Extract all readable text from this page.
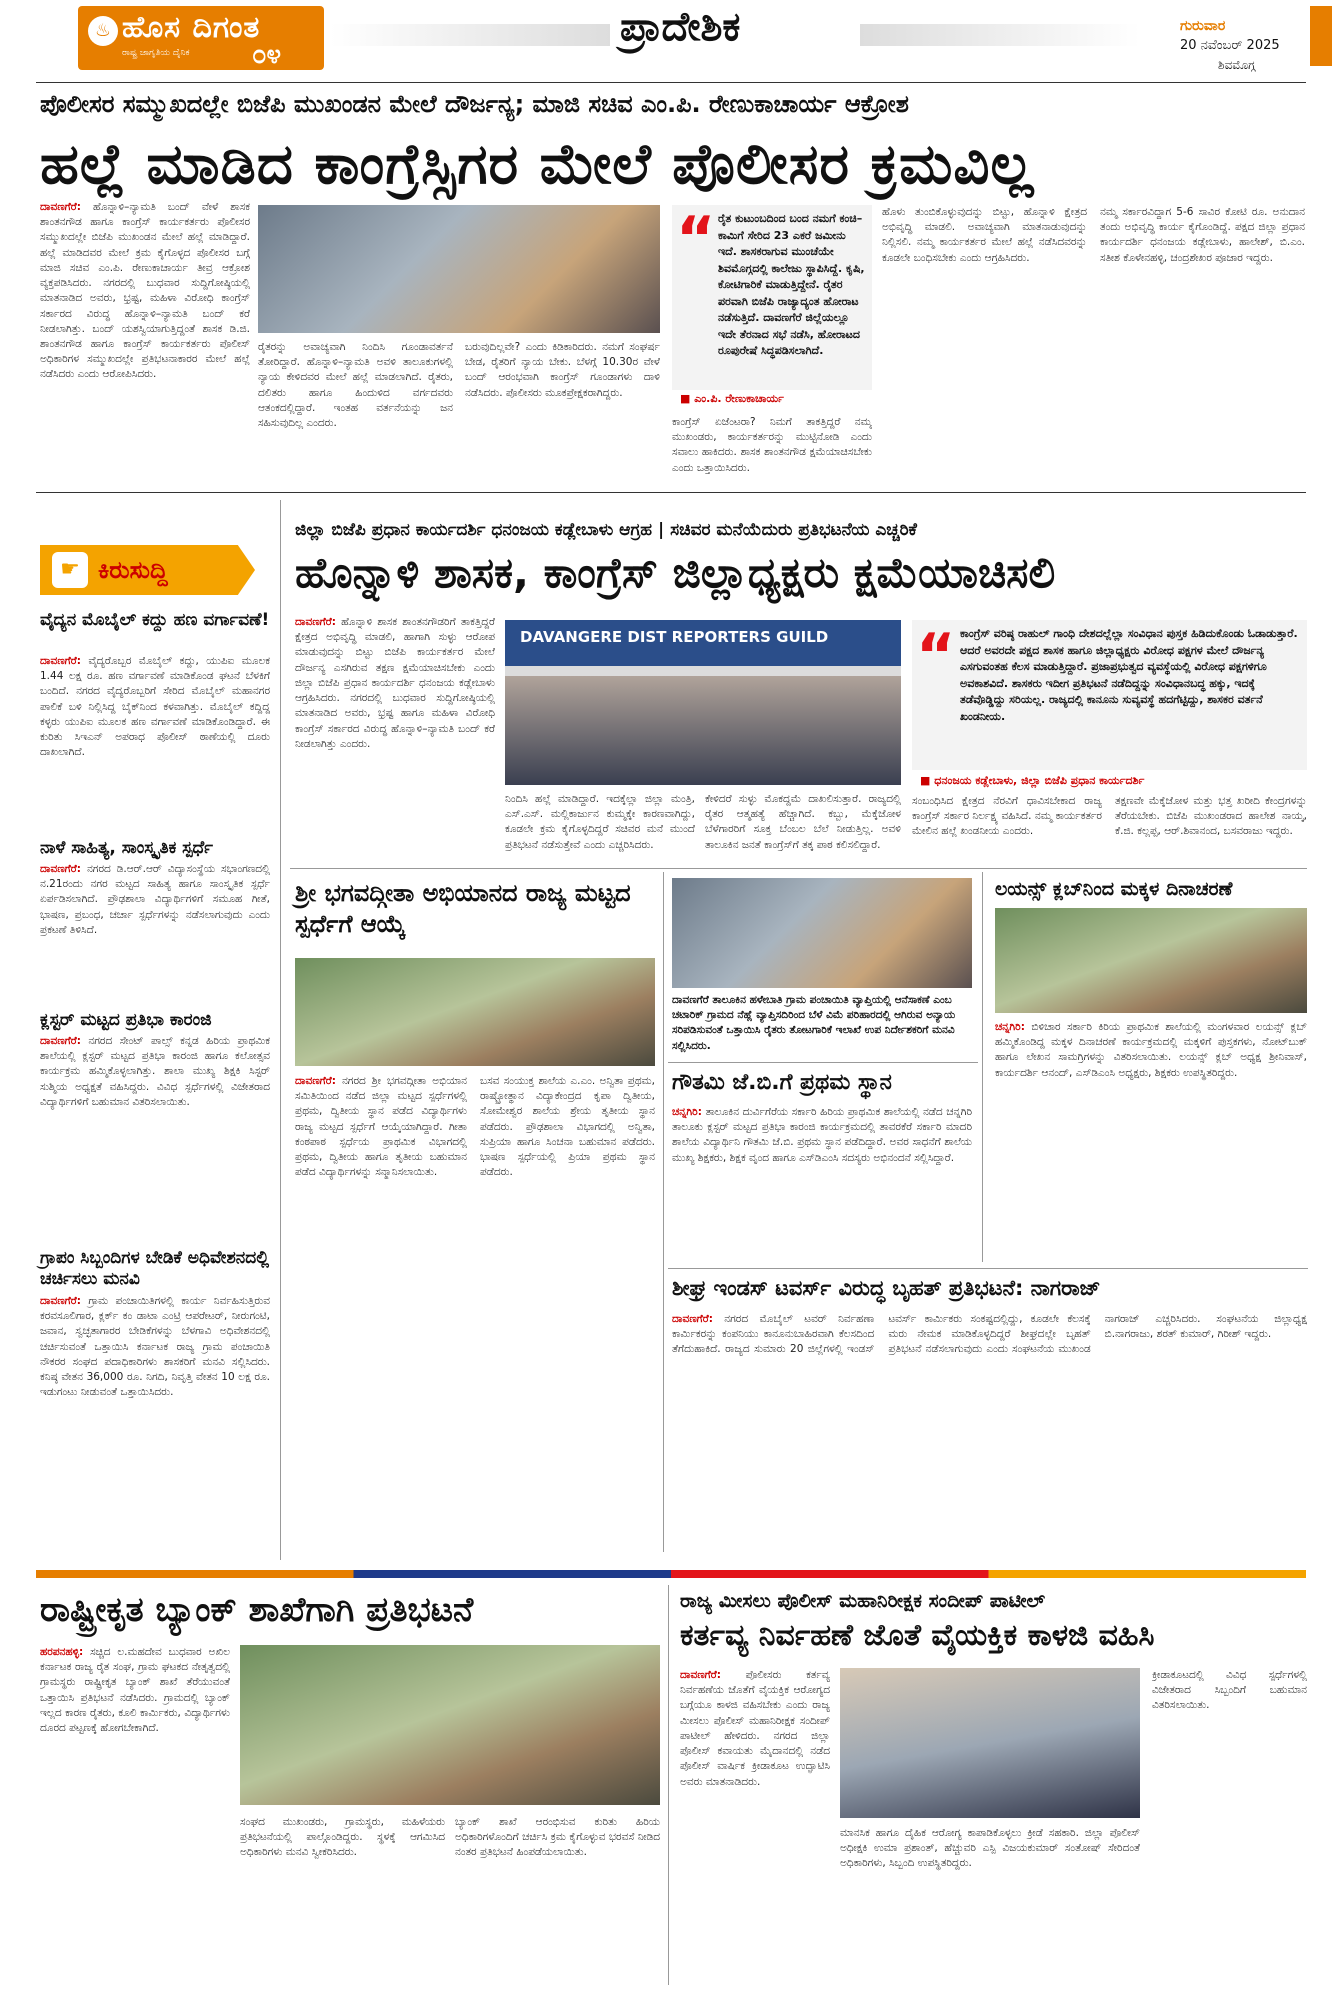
♨ ಹೊಸ ದಿಗಂತ
ರಾಷ್ಟ್ರ ಜಾಗೃತಿಯ ದೈನಿಕ ೦೪
ಪ್ರಾದೇಶಿಕ	ಗುರುವಾರ
20 ನವೆಂಬರ್ 2025
ಶಿವಮೊಗ್ಗ
ಪೊಲೀಸರ ಸಮ್ಮುಖದಲ್ಲೇ ಬಿಜೆಪಿ ಮುಖಂಡನ ಮೇಲೆ ದೌರ್ಜನ್ಯ; ಮಾಜಿ ಸಚಿವ ಎಂ.ಪಿ. ರೇಣುಕಾಚಾರ್ಯ ಆಕ್ರೋಶ
ಹಲ್ಲೆ ಮಾಡಿದ ಕಾಂಗ್ರೆಸ್ಸಿಗರ ಮೇಲೆ ಪೊಲೀಸರ ಕ್ರಮವಿಲ್ಲ
ದಾವಣಗೆರೆ: ಹೊನ್ನಾಳಿ–ನ್ಯಾಮತಿ ಬಂದ್ ವೇಳೆ ಶಾಸಕ ಶಾಂತನಗೌಡ ಹಾಗೂ ಕಾಂಗ್ರೆಸ್ ಕಾರ್ಯಕರ್ತರು ಪೊಲೀಸರ ಸಮ್ಮುಖದಲ್ಲೇ ಬಿಜೆಪಿ ಮುಖಂಡನ ಮೇಲೆ ಹಲ್ಲೆ ಮಾಡಿದ್ದಾರೆ. ಹಲ್ಲೆ ಮಾಡಿದವರ ಮೇಲೆ ಕ್ರಮ ಕೈಗೊಳ್ಳದ ಪೊಲೀಸರ ಬಗ್ಗೆ ಮಾಜಿ ಸಚಿವ ಎಂ.ಪಿ. ರೇಣುಕಾಚಾರ್ಯ ತೀವ್ರ ಆಕ್ರೋಶ ವ್ಯಕ್ತಪಡಿಸಿದರು. ನಗರದಲ್ಲಿ ಬುಧವಾರ ಸುದ್ದಿಗೋಷ್ಠಿಯಲ್ಲಿ ಮಾತನಾಡಿದ ಅವರು, ಭ್ರಷ್ಟ, ಮಹಿಳಾ ವಿರೋಧಿ ಕಾಂಗ್ರೆಸ್ ಸರ್ಕಾರದ ವಿರುದ್ಧ ಹೊನ್ನಾಳಿ–ನ್ಯಾಮತಿ ಬಂದ್ ಕರೆ ನೀಡಲಾಗಿತ್ತು. ಬಂದ್ ಯಶಸ್ವಿಯಾಗುತ್ತಿದ್ದಂತೆ ಶಾಸಕ ಡಿ.ಜಿ. ಶಾಂತನಗೌಡ ಹಾಗೂ ಕಾಂಗ್ರೆಸ್ ಕಾರ್ಯಕರ್ತರು ಪೊಲೀಸ್ ಅಧಿಕಾರಿಗಳ ಸಮ್ಮುಖದಲ್ಲೇ ಪ್ರತಿಭಟನಾಕಾರರ ಮೇಲೆ ಹಲ್ಲೆ ನಡೆಸಿದರು ಎಂದು ಆರೋಪಿಸಿದರು.
ರೈತರನ್ನು ಅವಾಚ್ಯವಾಗಿ ನಿಂದಿಸಿ ಗೂಂಡಾವರ್ತನೆ ತೋರಿದ್ದಾರೆ. ಹೊನ್ನಾಳಿ–ನ್ಯಾಮತಿ ಅವಳಿ ತಾಲೂಕುಗಳಲ್ಲಿ ನ್ಯಾಯ ಕೇಳಿದವರ ಮೇಲೆ ಹಲ್ಲೆ ಮಾಡಲಾಗಿದೆ. ರೈತರು, ದಲಿತರು ಹಾಗೂ ಹಿಂದುಳಿದ ವರ್ಗದವರು ಆತಂಕದಲ್ಲಿದ್ದಾರೆ. ಇಂತಹ ವರ್ತನೆಯನ್ನು ಜನ ಸಹಿಸುವುದಿಲ್ಲ ಎಂದರು.
ಬರುವುದಿಲ್ಲವೇ? ಎಂದು ಕಿಡಿಕಾರಿದರು. ನಮಗೆ ಸಂಘರ್ಷ ಬೇಡ, ರೈತರಿಗೆ ನ್ಯಾಯ ಬೇಕು. ಬೆಳಗ್ಗೆ 10.30ರ ವೇಳೆ ಬಂದ್ ಆರಂಭವಾಗಿ ಕಾಂಗ್ರೆಸ್ ಗೂಂಡಾಗಳು ದಾಳಿ ನಡೆಸಿದರು. ಪೊಲೀಸರು ಮೂಕಪ್ರೇಕ್ಷಕರಾಗಿದ್ದರು.
“ ರೈತ ಕುಟುಂಬದಿಂದ ಬಂದ ನಮಗೆ ಕಂಚಿ–ಕಾಮಿಗೆ ಸೇರಿದ 23 ಎಕರೆ ಜಮೀನು ಇದೆ. ಶಾಸಕರಾಗುವ ಮುಂಚೆಯೇ ಶಿವಮೊಗ್ಗದಲ್ಲಿ ಕಾಲೇಜು ಸ್ಥಾಪಿಸಿದ್ದೆ. ಕೃಷಿ, ಕೋಟಿಗಾರಿಕೆ ಮಾಡುತ್ತಿದ್ದೇನೆ. ರೈತರ ಪರವಾಗಿ ಬಿಜೆಪಿ ರಾಜ್ಯಾದ್ಯಂತ ಹೋರಾಟ ನಡೆಸುತ್ತಿದೆ. ದಾವಣಗೆರೆ ಜಿಲ್ಲೆಯಲ್ಲೂ ಇದೇ ತೆರನಾದ ಸಭೆ ನಡೆಸಿ, ಹೋರಾಟದ ರೂಪುರೇಷೆ ಸಿದ್ಧಪಡಿಸಲಾಗಿದೆ.
■ ಎಂ.ಪಿ. ರೇಣುಕಾಚಾರ್ಯ
ಕಾಂಗ್ರೆಸ್ ಏಜೆಂಟರಾ? ನಿಮಗೆ ತಾಕತ್ತಿದ್ದರೆ ನಮ್ಮ ಮುಖಂಡರು, ಕಾರ್ಯಕರ್ತರನ್ನು ಮುಟ್ಟಿನೋಡಿ ಎಂದು ಸವಾಲು ಹಾಕಿದರು. ಶಾಸಕ ಶಾಂತನಗೌಡ ಕ್ಷಮೆಯಾಚಿಸಬೇಕು ಎಂದು ಒತ್ತಾಯಿಸಿದರು.
ಹೊಳು ತುಂಬಿಕೊಳ್ಳುವುದನ್ನು ಬಿಟ್ಟು, ಹೊನ್ನಾಳಿ ಕ್ಷೇತ್ರದ ಅಭಿವೃದ್ಧಿ ಮಾಡಲಿ. ಅವಾಚ್ಯವಾಗಿ ಮಾತನಾಡುವುದನ್ನು ನಿಲ್ಲಿಸಲಿ. ನಮ್ಮ ಕಾರ್ಯಕರ್ತರ ಮೇಲೆ ಹಲ್ಲೆ ನಡೆಸಿದವರನ್ನು ಕೂಡಲೇ ಬಂಧಿಸಬೇಕು ಎಂದು ಆಗ್ರಹಿಸಿದರು.
ನಮ್ಮ ಸರ್ಕಾರವಿದ್ದಾಗ 5-6 ಸಾವಿರ ಕೋಟಿ ರೂ. ಅನುದಾನ ತಂದು ಅಭಿವೃದ್ಧಿ ಕಾರ್ಯ ಕೈಗೊಂಡಿದ್ದೆ. ಪಕ್ಷದ ಜಿಲ್ಲಾ ಪ್ರಧಾನ ಕಾರ್ಯದರ್ಶಿ ಧನಂಜಯ ಕಡ್ಲೇಬಾಳು, ಹಾಲೇಶ್, ಬಿ.ಎಂ. ಸತೀಶ ಕೊಳೇನಹಳ್ಳಿ, ಚಂದ್ರಶೇಖರ ಪೂಜಾರ ಇದ್ದರು.
☛ ಕಿರುಸುದ್ದಿ
ವೈದ್ಯನ ಮೊಬೈಲ್ ಕದ್ದು ಹಣ ವರ್ಗಾವಣೆ!
ದಾವಣಗೆರೆ: ವೈದ್ಯರೊಬ್ಬರ ಮೊಬೈಲ್ ಕದ್ದು, ಯುಪಿಐ ಮೂಲಕ 1.44 ಲಕ್ಷ ರೂ. ಹಣ ವರ್ಗಾವಣೆ ಮಾಡಿಕೊಂಡ ಘಟನೆ ಬೆಳಕಿಗೆ ಬಂದಿದೆ. ನಗರದ ವೈದ್ಯರೊಬ್ಬರಿಗೆ ಸೇರಿದ ಮೊಬೈಲ್ ಮಹಾನಗರ ಪಾಲಿಕೆ ಬಳಿ ನಿಲ್ಲಿಸಿದ್ದ ಬೈಕ್‌ನಿಂದ ಕಳವಾಗಿತ್ತು. ಮೊಬೈಲ್ ಕದ್ದಿದ್ದ ಕಳ್ಳರು ಯುಪಿಐ ಮೂಲಕ ಹಣ ವರ್ಗಾವಣೆ ಮಾಡಿಕೊಂಡಿದ್ದಾರೆ. ಈ ಕುರಿತು ಸಿಇಎನ್ ಅಪರಾಧ ಪೊಲೀಸ್ ಠಾಣೆಯಲ್ಲಿ ದೂರು ದಾಖಲಾಗಿದೆ.
ನಾಳೆ ಸಾಹಿತ್ಯ, ಸಾಂಸ್ಕೃತಿಕ ಸ್ಪರ್ಧೆ
ದಾವಣಗೆರೆ: ನಗರದ ಡಿ.ಆರ್.ಆರ್ ವಿದ್ಯಾಸಂಸ್ಥೆಯ ಸಭಾಂಗಣದಲ್ಲಿ ನ.21ರಂದು ನಗರ ಮಟ್ಟದ ಸಾಹಿತ್ಯ ಹಾಗೂ ಸಾಂಸ್ಕೃತಿಕ ಸ್ಪರ್ಧೆ ಏರ್ಪಡಿಸಲಾಗಿದೆ. ಪ್ರೌಢಶಾಲಾ ವಿದ್ಯಾರ್ಥಿಗಳಿಗೆ ಸಮೂಹ ಗೀತೆ, ಭಾಷಣ, ಪ್ರಬಂಧ, ಚರ್ಚಾ ಸ್ಪರ್ಧೆಗಳನ್ನು ನಡೆಸಲಾಗುವುದು ಎಂದು ಪ್ರಕಟಣೆ ತಿಳಿಸಿದೆ.
ಕ್ಲಸ್ಟರ್ ಮಟ್ಟದ ಪ್ರತಿಭಾ ಕಾರಂಜಿ
ದಾವಣಗೆರೆ: ನಗರದ ಸೇಂಟ್ ಪಾಲ್ಸ್ ಕನ್ನಡ ಹಿರಿಯ ಪ್ರಾಥಮಿಕ ಶಾಲೆಯಲ್ಲಿ ಕ್ಲಸ್ಟರ್ ಮಟ್ಟದ ಪ್ರತಿಭಾ ಕಾರಂಜಿ ಹಾಗೂ ಕಲೋತ್ಸವ ಕಾರ್ಯಕ್ರಮ ಹಮ್ಮಿಕೊಳ್ಳಲಾಗಿತ್ತು. ಶಾಲಾ ಮುಖ್ಯ ಶಿಕ್ಷಕಿ ಸಿಸ್ಟರ್ ಸುಶ್ಮಿಯ ಅಧ್ಯಕ್ಷತೆ ವಹಿಸಿದ್ದರು. ವಿವಿಧ ಸ್ಪರ್ಧೆಗಳಲ್ಲಿ ವಿಜೇತರಾದ ವಿದ್ಯಾರ್ಥಿಗಳಿಗೆ ಬಹುಮಾನ ವಿತರಿಸಲಾಯಿತು.
ಗ್ರಾಪಂ ಸಿಬ್ಬಂದಿಗಳ ಬೇಡಿಕೆ ಅಧಿವೇಶನದಲ್ಲಿ ಚರ್ಚಿಸಲು ಮನವಿ
ದಾವಣಗೆರೆ: ಗ್ರಾಮ ಪಂಚಾಯಿತಿಗಳಲ್ಲಿ ಕಾರ್ಯ ನಿರ್ವಹಿಸುತ್ತಿರುವ ಕರವಸೂಲಿಗಾರ, ಕ್ಲರ್ಕ್ ಕಂ ಡಾಟಾ ಎಂಟ್ರಿ ಆಪರೇಟರ್, ನೀರುಗಂಟಿ, ಜವಾನ, ಸ್ವಚ್ಛತಾಗಾರರ ಬೇಡಿಕೆಗಳನ್ನು ಬೆಳಗಾವಿ ಅಧಿವೇಶನದಲ್ಲಿ ಚರ್ಚಿಸುವಂತೆ ಒತ್ತಾಯಿಸಿ ಕರ್ನಾಟಕ ರಾಜ್ಯ ಗ್ರಾಮ ಪಂಚಾಯಿತಿ ನೌಕರರ ಸಂಘದ ಪದಾಧಿಕಾರಿಗಳು ಶಾಸಕರಿಗೆ ಮನವಿ ಸಲ್ಲಿಸಿದರು. ಕನಿಷ್ಠ ವೇತನ 36,000 ರೂ. ನಿಗದಿ, ನಿವೃತ್ತಿ ವೇತನ 10 ಲಕ್ಷ ರೂ. ಇಡುಗಂಟು ನೀಡುವಂತೆ ಒತ್ತಾಯಿಸಿದರು.
ಜಿಲ್ಲಾ ಬಿಜೆಪಿ ಪ್ರಧಾನ ಕಾರ್ಯದರ್ಶಿ ಧನಂಜಯ ಕಡ್ಲೇಬಾಳು ಆಗ್ರಹ | ಸಚಿವರ ಮನೆಯೆದುರು ಪ್ರತಿಭಟನೆಯ ಎಚ್ಚರಿಕೆ
ಹೊನ್ನಾಳಿ ಶಾಸಕ, ಕಾಂಗ್ರೆಸ್ ಜಿಲ್ಲಾಧ್ಯಕ್ಷರು ಕ್ಷಮೆಯಾಚಿಸಲಿ
ದಾವಣಗೆರೆ: ಹೊನ್ನಾಳಿ ಶಾಸಕ ಶಾಂತನಗೌಡರಿಗೆ ತಾಕತ್ತಿದ್ದರೆ ಕ್ಷೇತ್ರದ ಅಭಿವೃದ್ಧಿ ಮಾಡಲಿ, ಹಾಗಾಗಿ ಸುಳ್ಳು ಆರೋಪ ಮಾಡುವುದನ್ನು ಬಿಟ್ಟು ಬಿಜೆಪಿ ಕಾರ್ಯಕರ್ತರ ಮೇಲೆ ದೌರ್ಜನ್ಯ ಎಸಗಿರುವ ತಕ್ಷಣ ಕ್ಷಮೆಯಾಚಿಸಬೇಕು ಎಂದು ಜಿಲ್ಲಾ ಬಿಜೆಪಿ ಪ್ರಧಾನ ಕಾರ್ಯದರ್ಶಿ ಧನಂಜಯ ಕಡ್ಲೇಬಾಳು ಆಗ್ರಹಿಸಿದರು. ನಗರದಲ್ಲಿ ಬುಧವಾರ ಸುದ್ದಿಗೋಷ್ಠಿಯಲ್ಲಿ ಮಾತನಾಡಿದ ಅವರು, ಭ್ರಷ್ಟ ಹಾಗೂ ಮಹಿಳಾ ವಿರೋಧಿ ಕಾಂಗ್ರೆಸ್ ಸರ್ಕಾರದ ವಿರುದ್ಧ ಹೊನ್ನಾಳಿ–ನ್ಯಾಮತಿ ಬಂದ್ ಕರೆ ನೀಡಲಾಗಿತ್ತು ಎಂದರು.
DAVANGERE DIST REPORTERS GUILD
ನಿಂದಿಸಿ ಹಲ್ಲೆ ಮಾಡಿದ್ದಾರೆ. ಇದಕ್ಕೆಲ್ಲಾ ಜಿಲ್ಲಾ ಮಂತ್ರಿ, ಎಸ್.ಎಸ್. ಮಲ್ಲಿಕಾರ್ಜುನ ಕುಮ್ಮಕ್ಕೇ ಕಾರಣವಾಗಿದ್ದು, ಕೂಡಲೇ ಕ್ರಮ ಕೈಗೊಳ್ಳದಿದ್ದರೆ ಸಚಿವರ ಮನೆ ಮುಂದೆ ಪ್ರತಿಭಟನೆ ನಡೆಸುತ್ತೇವೆ ಎಂದು ಎಚ್ಚರಿಸಿದರು.
ಕೇಳಿದರೆ ಸುಳ್ಳು ಮೊಕದ್ದಮೆ ದಾಖಲಿಸುತ್ತಾರೆ. ರಾಜ್ಯದಲ್ಲಿ ರೈತರ ಆತ್ಮಹತ್ಯೆ ಹೆಚ್ಚಾಗಿದೆ. ಕಬ್ಬು, ಮೆಕ್ಕೆಜೋಳ ಬೆಳೆಗಾರರಿಗೆ ಸೂಕ್ತ ಬೆಂಬಲ ಬೆಲೆ ನೀಡುತ್ತಿಲ್ಲ. ಅವಳಿ ತಾಲೂಕಿನ ಜನತೆ ಕಾಂಗ್ರೆಸ್‌ಗೆ ತಕ್ಕ ಪಾಠ ಕಲಿಸಲಿದ್ದಾರೆ.
“ ಕಾಂಗ್ರೆಸ್ ವರಿಷ್ಠ ರಾಹುಲ್ ಗಾಂಧಿ ದೇಶದಲ್ಲೆಲ್ಲಾ ಸಂವಿಧಾನ ಪುಸ್ತಕ ಹಿಡಿದುಕೊಂಡು ಓಡಾಡುತ್ತಾರೆ. ಆದರೆ ಅವರದೇ ಪಕ್ಷದ ಶಾಸಕ ಹಾಗೂ ಜಿಲ್ಲಾಧ್ಯಕ್ಷರು ವಿರೋಧ ಪಕ್ಷಗಳ ಮೇಲೆ ದೌರ್ಜನ್ಯ ಎಸಗುವಂತಹ ಕೆಲಸ ಮಾಡುತ್ತಿದ್ದಾರೆ. ಪ್ರಜಾಪ್ರಭುತ್ವದ ವ್ಯವಸ್ಥೆಯಲ್ಲಿ ವಿರೋಧ ಪಕ್ಷಗಳಿಗೂ ಅವಕಾಶವಿದೆ. ಶಾಸಕರು ಇದೀಗ ಪ್ರತಿಭಟನೆ ನಡೆದಿದ್ದನ್ನು ಸಂವಿಧಾನಬದ್ಧ ಹಕ್ಕು, ಇದಕ್ಕೆ ತಡೆವೊಡ್ಡಿದ್ದು ಸರಿಯಲ್ಲ. ರಾಜ್ಯದಲ್ಲಿ ಕಾನೂನು ಸುವ್ಯವಸ್ಥೆ ಹದಗೆಟ್ಟಿದ್ದು, ಶಾಸಕರ ವರ್ತನೆ ಖಂಡನೀಯ.
■ ಧನಂಜಯ ಕಡ್ಲೇಬಾಳು, ಜಿಲ್ಲಾ ಬಿಜೆಪಿ ಪ್ರಧಾನ ಕಾರ್ಯದರ್ಶಿ
ಸಂಬಂಧಿಸಿದ ಕ್ಷೇತ್ರದ ನೆರವಿಗೆ ಧಾವಿಸಬೇಕಾದ ರಾಜ್ಯ ಕಾಂಗ್ರೆಸ್ ಸರ್ಕಾರ ನಿರ್ಲಕ್ಷ್ಯ ವಹಿಸಿದೆ. ನಮ್ಮ ಕಾರ್ಯಕರ್ತರ ಮೇಲಿನ ಹಲ್ಲೆ ಖಂಡನೀಯ ಎಂದರು.
ತಕ್ಷಣವೇ ಮೆಕ್ಕೆಜೋಳ ಮತ್ತು ಭತ್ತ ಖರೀದಿ ಕೇಂದ್ರಗಳನ್ನು ತೆರೆಯಬೇಕು. ಬಿಜೆಪಿ ಮುಖಂಡರಾದ ಹಾಲೇಶ ನಾಯ್ಕ, ಕೆ.ಜಿ. ಕಲ್ಲಪ್ಪ, ಆರ್.ಶಿವಾನಂದ, ಬಸವರಾಜು ಇದ್ದರು.
ಶ್ರೀ ಭಗವದ್ಗೀತಾ ಅಭಿಯಾನದ ರಾಜ್ಯ ಮಟ್ಟದ ಸ್ಪರ್ಧೆಗೆ ಆಯ್ಕೆ
ದಾವಣಗೆರೆ: ನಗರದ ಶ್ರೀ ಭಗವದ್ಗೀತಾ ಅಭಿಯಾನ ಸಮಿತಿಯಿಂದ ನಡೆದ ಜಿಲ್ಲಾ ಮಟ್ಟದ ಸ್ಪರ್ಧೆಗಳಲ್ಲಿ ಪ್ರಥಮ, ದ್ವಿತೀಯ ಸ್ಥಾನ ಪಡೆದ ವಿದ್ಯಾರ್ಥಿಗಳು ರಾಜ್ಯ ಮಟ್ಟದ ಸ್ಪರ್ಧೆಗೆ ಆಯ್ಕೆಯಾಗಿದ್ದಾರೆ. ಗೀತಾ ಕಂಠಪಾಠ ಸ್ಪರ್ಧೆಯ ಪ್ರಾಥಮಿಕ ವಿಭಾಗದಲ್ಲಿ ಪ್ರಥಮ, ದ್ವಿತೀಯ ಹಾಗೂ ತೃತೀಯ ಬಹುಮಾನ ಪಡೆದ ವಿದ್ಯಾರ್ಥಿಗಳನ್ನು ಸನ್ಮಾನಿಸಲಾಯಿತು.
ಬಸವ ಸಂಯುಕ್ತ ಶಾಲೆಯ ಎ.ಎಂ. ಅನ್ವಿತಾ ಪ್ರಥಮ, ರಾಷ್ಟ್ರೋತ್ಥಾನ ವಿದ್ಯಾಕೇಂದ್ರದ ಕೃಪಾ ದ್ವಿತೀಯ, ಸೋಮೇಶ್ವರ ಶಾಲೆಯ ಶ್ರೇಯ ತೃತೀಯ ಸ್ಥಾನ ಪಡೆದರು. ಪ್ರೌಢಶಾಲಾ ವಿಭಾಗದಲ್ಲಿ ಅನ್ವಿತಾ, ಸುಪ್ರಿಯಾ ಹಾಗೂ ಸಿಂಚನಾ ಬಹುಮಾನ ಪಡೆದರು. ಭಾಷಣ ಸ್ಪರ್ಧೆಯಲ್ಲಿ ಪ್ರಿಯಾ ಪ್ರಥಮ ಸ್ಥಾನ ಪಡೆದರು.
ದಾವಣಗೆರೆ ತಾಲೂಕಿನ ಹಳೇಬಾತಿ ಗ್ರಾಮ ಪಂಚಾಯಿತಿ ವ್ಯಾಪ್ತಿಯಲ್ಲಿ ಆನೆಸಾಕಣೆ ಎಂಬ ಚಟಾರಿಕ್ ಗ್ರಾಮದ ನೆಹ್ಲೆ ವ್ಯಾಪ್ತಿಸದಿರಿಂದ ಬೆಳೆ ವಿಮೆ ಪರಿಹಾರದಲ್ಲಿ ಆಗಿರುವ ಅನ್ಯಾಯ ಸರಿಪಡಿಸುವಂತೆ ಒತ್ತಾಯಿಸಿ ರೈತರು ತೋಟಗಾರಿಕೆ ಇಲಾಖೆ ಉಪ ನಿರ್ದೇಶಕರಿಗೆ ಮನವಿ ಸಲ್ಲಿಸಿದರು.
ಗೌತಮಿ ಜೆ.ಬಿ.ಗೆ ಪ್ರಥಮ ಸ್ಥಾನ
ಚನ್ನಗಿರಿ: ತಾಲೂಕಿನ ದುರ್ವಿಗೆರೆಯ ಸರ್ಕಾರಿ ಹಿರಿಯ ಪ್ರಾಥಮಿಕ ಶಾಲೆಯಲ್ಲಿ ನಡೆದ ಚನ್ನಗಿರಿ ತಾಲೂಕು ಕ್ಲಸ್ಟರ್ ಮಟ್ಟದ ಪ್ರತಿಭಾ ಕಾರಂಜಿ ಕಾರ್ಯಕ್ರಮದಲ್ಲಿ ತಾವರಕೆರೆ ಸರ್ಕಾರಿ ಮಾದರಿ ಶಾಲೆಯ ವಿದ್ಯಾರ್ಥಿನಿ ಗೌತಮಿ ಜೆ.ಬಿ. ಪ್ರಥಮ ಸ್ಥಾನ ಪಡೆದಿದ್ದಾರೆ. ಅವರ ಸಾಧನೆಗೆ ಶಾಲೆಯ ಮುಖ್ಯ ಶಿಕ್ಷಕರು, ಶಿಕ್ಷಕ ವೃಂದ ಹಾಗೂ ಎಸ್‌ಡಿಎಂಸಿ ಸದಸ್ಯರು ಅಭಿನಂದನೆ ಸಲ್ಲಿಸಿದ್ದಾರೆ.
ಲಯನ್ಸ್ ಕ್ಲಬ್‌ನಿಂದ ಮಕ್ಕಳ ದಿನಾಚರಣೆ
ಚನ್ನಗಿರಿ: ಬಿಳಿಚಾರ ಸರ್ಕಾರಿ ಕಿರಿಯ ಪ್ರಾಥಮಿಕ ಶಾಲೆಯಲ್ಲಿ ಮಂಗಳವಾರ ಲಯನ್ಸ್ ಕ್ಲಬ್ ಹಮ್ಮಿಕೊಂಡಿದ್ದ ಮಕ್ಕಳ ದಿನಾಚರಣೆ ಕಾರ್ಯಕ್ರಮದಲ್ಲಿ ಮಕ್ಕಳಿಗೆ ಪುಸ್ತಕಗಳು, ನೋಟ್‌ಬುಕ್ ಹಾಗೂ ಲೇಖನ ಸಾಮಗ್ರಿಗಳನ್ನು ವಿತರಿಸಲಾಯಿತು. ಲಯನ್ಸ್ ಕ್ಲಬ್ ಅಧ್ಯಕ್ಷ ಶ್ರೀನಿವಾಸ್, ಕಾರ್ಯದರ್ಶಿ ಆನಂದ್, ಎಸ್‌ಡಿಎಂಸಿ ಅಧ್ಯಕ್ಷರು, ಶಿಕ್ಷಕರು ಉಪಸ್ಥಿತರಿದ್ದರು.
ಶೀಘ್ರ ಇಂಡಸ್ ಟವರ್ಸ್ ವಿರುದ್ಧ ಬೃಹತ್ ಪ್ರತಿಭಟನೆ: ನಾಗರಾಜ್
ದಾವಣಗೆರೆ: ನಗರದ ಮೊಬೈಲ್ ಟವರ್ ನಿರ್ವಹಣಾ ಕಾರ್ಮಿಕರನ್ನು ಕಂಪನಿಯು ಕಾನೂನುಬಾಹಿರವಾಗಿ ಕೆಲಸದಿಂದ ತೆಗೆದುಹಾಕಿದೆ. ರಾಜ್ಯದ ಸುಮಾರು 20 ಜಿಲ್ಲೆಗಳಲ್ಲಿ ಇಂಡಸ್ ಟವರ್ಸ್ ಕಾರ್ಮಿಕರು ಸಂಕಷ್ಟದಲ್ಲಿದ್ದು, ಕೂಡಲೇ ಕೆಲಸಕ್ಕೆ ಮರು ನೇಮಕ ಮಾಡಿಕೊಳ್ಳದಿದ್ದರೆ ಶೀಘ್ರದಲ್ಲೇ ಬೃಹತ್ ಪ್ರತಿಭಟನೆ ನಡೆಸಲಾಗುವುದು ಎಂದು ಸಂಘಟನೆಯ ಮುಖಂಡ ನಾಗರಾಜ್ ಎಚ್ಚರಿಸಿದರು. ಸಂಘಟನೆಯ ಜಿಲ್ಲಾಧ್ಯಕ್ಷ ಬಿ.ನಾಗರಾಜು, ಶರತ್ ಕುಮಾರ್, ಗಿರೀಶ್ ಇದ್ದರು.
ರಾಷ್ಟ್ರೀಕೃತ ಬ್ಯಾಂಕ್ ಶಾಖೆಗಾಗಿ ಪ್ರತಿಭಟನೆ
ಹರಪನಹಳ್ಳಿ: ಸಚ್ಚಿದ ಲ.ಮಹದೇವ ಬುಧವಾರ ಅಖಿಲ ಕರ್ನಾಟಕ ರಾಜ್ಯ ರೈತ ಸಂಘ, ಗ್ರಾಮ ಘಟಕದ ನೇತೃತ್ವದಲ್ಲಿ ಗ್ರಾಮಸ್ಥರು ರಾಷ್ಟ್ರೀಕೃತ ಬ್ಯಾಂಕ್ ಶಾಖೆ ತೆರೆಯುವಂತೆ ಒತ್ತಾಯಿಸಿ ಪ್ರತಿಭಟನೆ ನಡೆಸಿದರು. ಗ್ರಾಮದಲ್ಲಿ ಬ್ಯಾಂಕ್ ಇಲ್ಲದ ಕಾರಣ ರೈತರು, ಕೂಲಿ ಕಾರ್ಮಿಕರು, ವಿದ್ಯಾರ್ಥಿಗಳು ದೂರದ ಪಟ್ಟಣಕ್ಕೆ ಹೋಗಬೇಕಾಗಿದೆ.
ಸಂಘದ ಮುಖಂಡರು, ಗ್ರಾಮಸ್ಥರು, ಮಹಿಳೆಯರು ಪ್ರತಿಭಟನೆಯಲ್ಲಿ ಪಾಲ್ಗೊಂಡಿದ್ದರು. ಸ್ಥಳಕ್ಕೆ ಆಗಮಿಸಿದ ಅಧಿಕಾರಿಗಳು ಮನವಿ ಸ್ವೀಕರಿಸಿದರು.
ಬ್ಯಾಂಕ್ ಶಾಖೆ ಆರಂಭಿಸುವ ಕುರಿತು ಹಿರಿಯ ಅಧಿಕಾರಿಗಳೊಂದಿಗೆ ಚರ್ಚಿಸಿ ಕ್ರಮ ಕೈಗೊಳ್ಳುವ ಭರವಸೆ ನೀಡಿದ ನಂತರ ಪ್ರತಿಭಟನೆ ಹಿಂಪಡೆಯಲಾಯಿತು.
ರಾಜ್ಯ ಮೀಸಲು ಪೊಲೀಸ್ ಮಹಾನಿರೀಕ್ಷಕ ಸಂದೀಪ್ ಪಾಟೀಲ್
ಕರ್ತವ್ಯ ನಿರ್ವಹಣೆ ಜೊತೆ ವೈಯಕ್ತಿಕ ಕಾಳಜಿ ವಹಿಸಿ
ದಾವಣಗೆರೆ: ಪೊಲೀಸರು ಕರ್ತವ್ಯ ನಿರ್ವಹಣೆಯ ಜೊತೆಗೆ ವೈಯಕ್ತಿಕ ಆರೋಗ್ಯದ ಬಗ್ಗೆಯೂ ಕಾಳಜಿ ವಹಿಸಬೇಕು ಎಂದು ರಾಜ್ಯ ಮೀಸಲು ಪೊಲೀಸ್ ಮಹಾನಿರೀಕ್ಷಕ ಸಂದೀಪ್ ಪಾಟೀಲ್ ಹೇಳಿದರು. ನಗರದ ಜಿಲ್ಲಾ ಪೊಲೀಸ್ ಕವಾಯತು ಮೈದಾನದಲ್ಲಿ ನಡೆದ ಪೊಲೀಸ್ ವಾರ್ಷಿಕ ಕ್ರೀಡಾಕೂಟ ಉದ್ಘಾಟಿಸಿ ಅವರು ಮಾತನಾಡಿದರು.
ಮಾನಸಿಕ ಹಾಗೂ ದೈಹಿಕ ಆರೋಗ್ಯ ಕಾಪಾಡಿಕೊಳ್ಳಲು ಕ್ರೀಡೆ ಸಹಕಾರಿ. ಜಿಲ್ಲಾ ಪೊಲೀಸ್ ಅಧೀಕ್ಷಕಿ ಉಮಾ ಪ್ರಶಾಂತ್, ಹೆಚ್ಚುವರಿ ಎಸ್ಪಿ ವಿಜಯಕುಮಾರ್ ಸಂತೋಷ್ ಸೇರಿದಂತೆ ಅಧಿಕಾರಿಗಳು, ಸಿಬ್ಬಂದಿ ಉಪಸ್ಥಿತರಿದ್ದರು.
ಕ್ರೀಡಾಕೂಟದಲ್ಲಿ ವಿವಿಧ ಸ್ಪರ್ಧೆಗಳಲ್ಲಿ ವಿಜೇತರಾದ ಸಿಬ್ಬಂದಿಗೆ ಬಹುಮಾನ ವಿತರಿಸಲಾಯಿತು.
